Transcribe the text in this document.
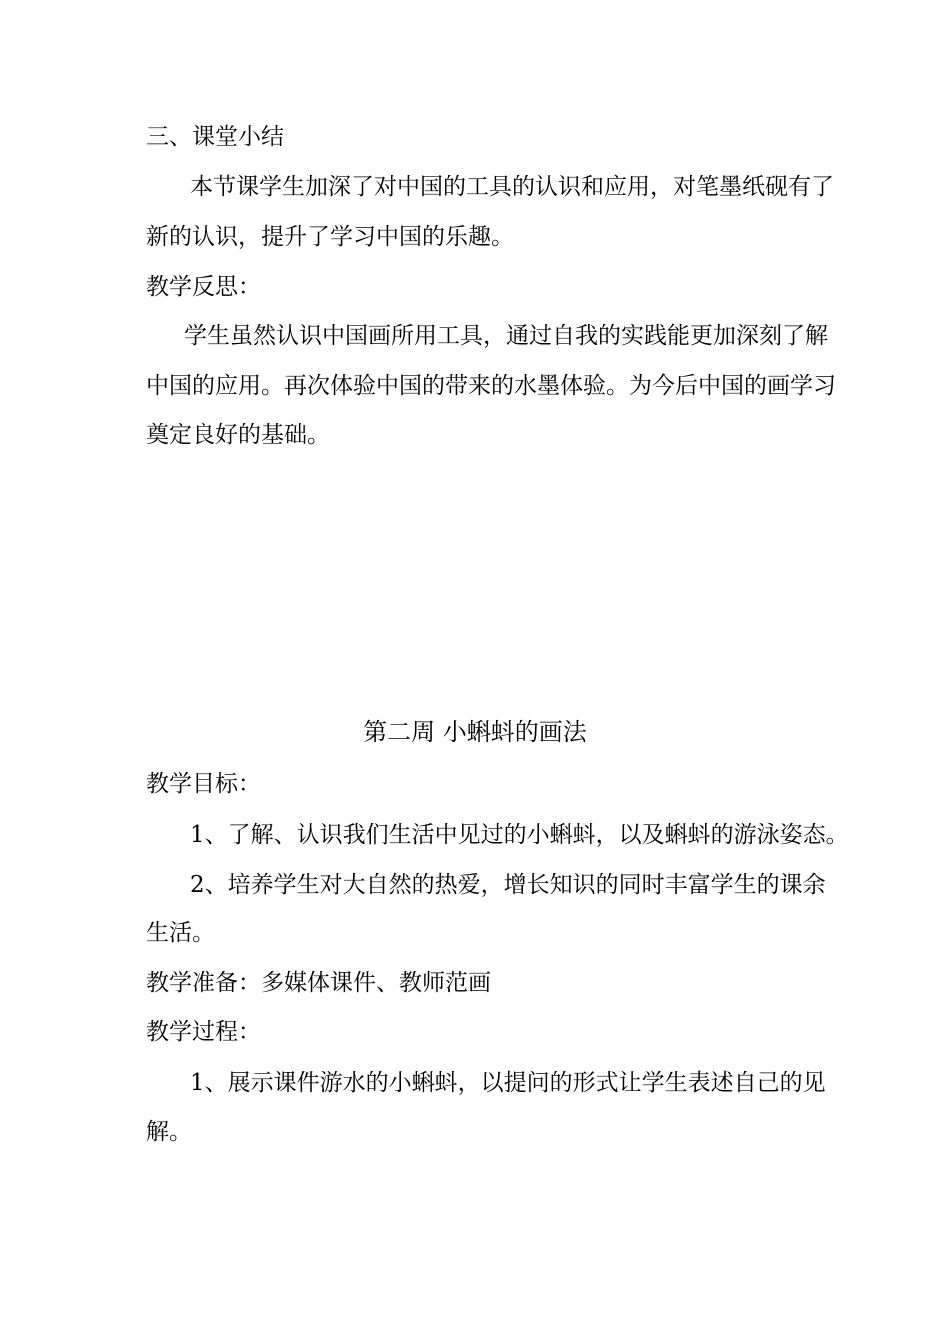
三、课堂小结
本节课学生加深了对中国的工具的认识和应用，对笔墨纸砚有了
新的认识，提升了学习中国的乐趣。
教学反思：
学生虽然认识中国画所用工具，通过自我的实践能更加深刻了解
中国的应用。再次体验中国的带来的水墨体验。为今后中国的画学习
奠定良好的基础。
第二周 小蝌蚪的画法
教学目标：
1、了解、认识我们生活中见过的小蝌蚪，以及蝌蚪的游泳姿态。
2、培养学生对大自然的热爱，增长知识的同时丰富学生的课余
生活。
教学准备：多媒体课件、教师范画
教学过程：
1、展示课件游水的小蝌蚪，以提问的形式让学生表述自己的见
解。
